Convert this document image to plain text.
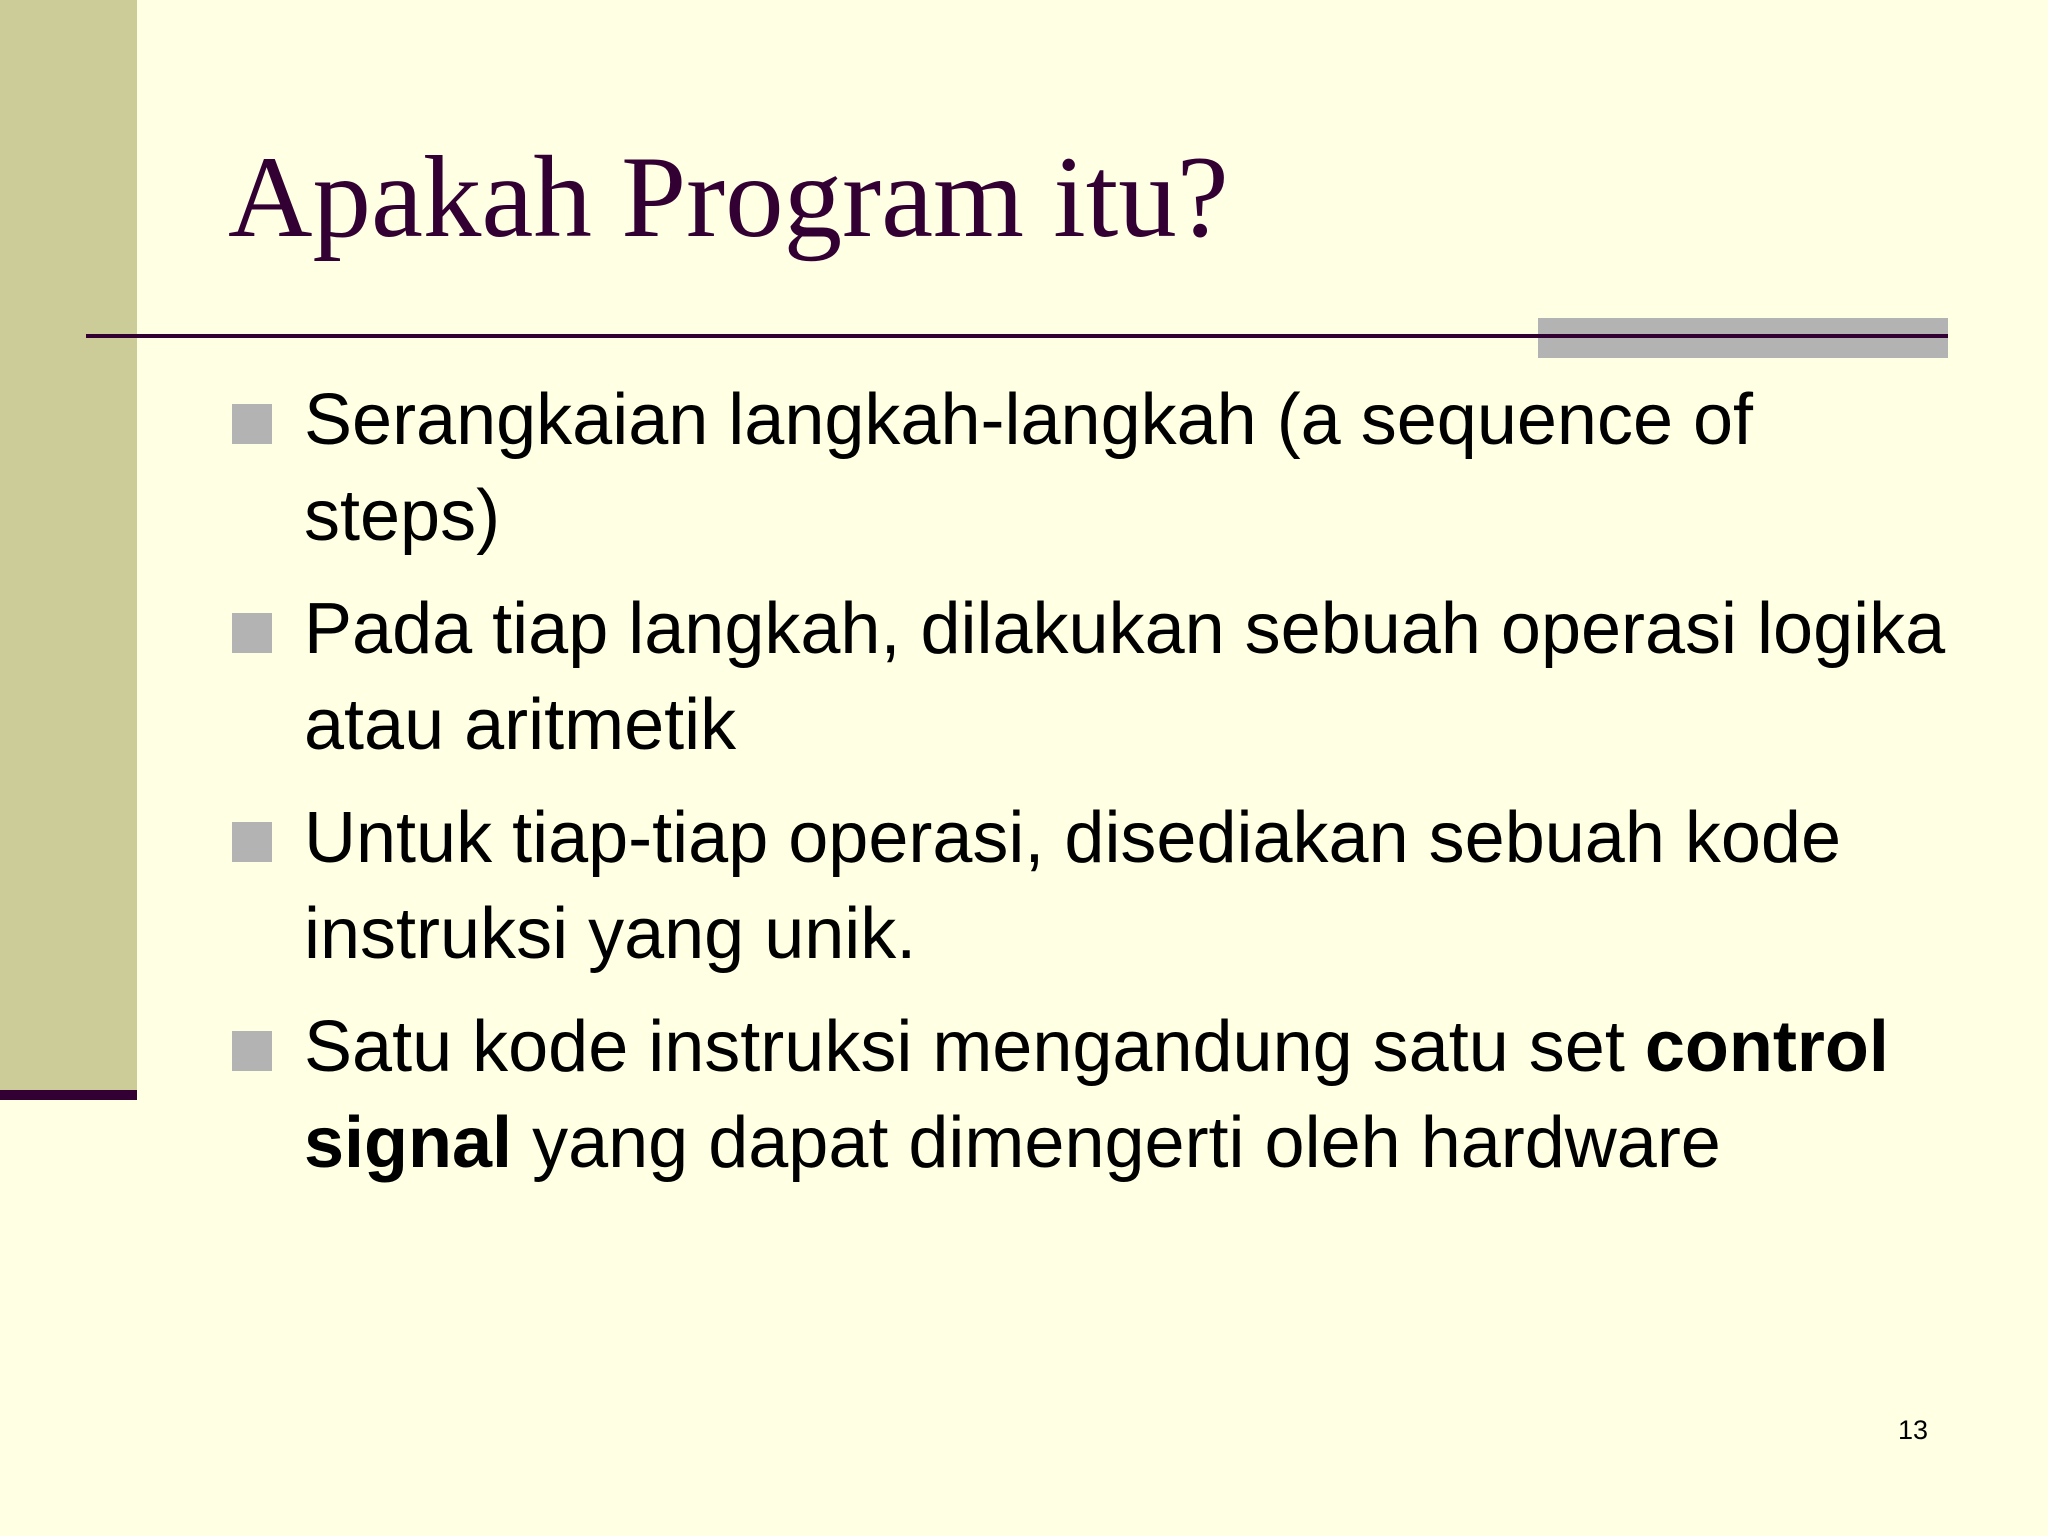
Apakah Program itu?
Serangkaian langkah-langkah (a sequence of steps)
Pada tiap langkah, dilakukan sebuah operasi logika atau aritmetik
Untuk tiap-tiap operasi, disediakan sebuah kode instruksi yang unik.
Satu kode instruksi mengandung satu set control signal yang dapat dimengerti oleh hardware
13
